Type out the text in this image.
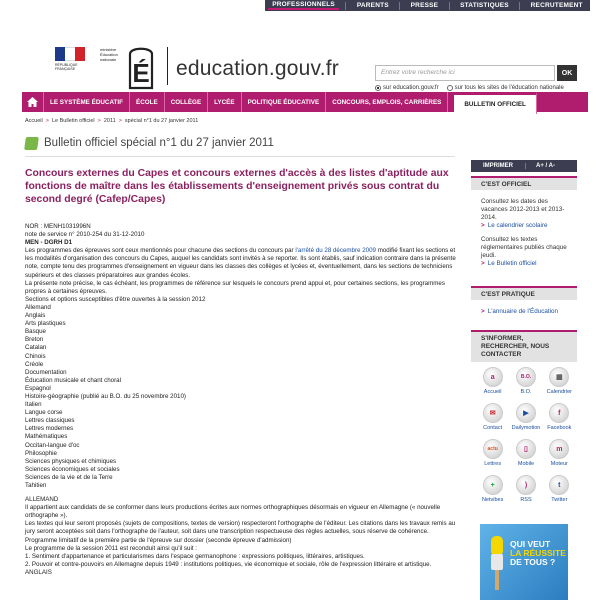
PROFESSIONNELS	PARENTS	PRESSE	STATISTIQUES	RECRUTEMENT
RÉPUBLIQUE FRANÇAISE
ministère Éducation nationale É education.gouv.fr	Entrez votre recherche ici	OK
sur education.gouv.fr	sur tous les sites de l'éducation nationale
LE SYSTÈME ÉDUCATIF	ÉCOLE	COLLÈGE	LYCÉE	POLITIQUE ÉDUCATIVE	CONCOURS, EMPLOIS, CARRIÈRES	BULLETIN OFFICIEL
Accueil > Le Bulletin officiel > 2011 > spécial n°1 du 27 janvier 2011
Bulletin officiel spécial n°1 du 27 janvier 2011
Concours externes du Capes et concours externes d'accès à des listes d'aptitude aux fonctions de maître dans les établissements d'enseignement privés sous contrat du second degré (Cafep/Capes)

NOR : MENH1031996N

note de service n° 2010-254 du 31-12-2010

MEN - DGRH D1

Les programmes des épreuves sont ceux mentionnés pour chacune des sections du concours par l'arrêté du 28 décembre 2009 modifié fixant les sections et les modalités d'organisation des concours du Capes, auquel les candidats sont invités à se reporter. Ils sont établis, sauf indication contraire dans la présente note, compte tenu des programmes d'enseignement en vigueur dans les classes des collèges et lycées et, éventuellement, dans les sections de techniciens supérieurs et des classes préparatoires aux grandes écoles.

La présente note précise, le cas échéant, les programmes de référence sur lesquels le concours prend appui et, pour certaines sections, les programmes propres à certaines épreuves.

Sections et options susceptibles d'être ouvertes à la session 2012

Allemand

Anglais

Arts plastiques

Basque

Breton

Catalan

Chinois

Créole

Documentation

Éducation musicale et chant choral

Espagnol

Histoire-géographie (publié au B.O. du 25 novembre 2010)

Italien

Langue corse

Lettres classiques

Lettres modernes

Mathématiques

Occitan-langue d'oc

Philosophie

Sciences physiques et chimiques

Sciences économiques et sociales

Sciences de la vie et de la Terre

Tahitien

ALLEMAND

Il appartient aux candidats de se conformer dans leurs productions écrites aux normes orthographiques désormais en vigueur en Allemagne (« nouvelle orthographe »).

Les textes qui leur seront proposés (sujets de compositions, textes de version) respecteront l'orthographe de l'éditeur. Les citations dans les travaux remis au jury seront acceptées soit dans l'orthographe de l'auteur, soit dans une transcription respectueuse des règles actuelles, sous réserve de cohérence.

Programme limitatif de la première partie de l'épreuve sur dossier (seconde épreuve d'admission)

Le programme de la session 2011 est reconduit ainsi qu'il suit :

1. Sentiment d'appartenance et particularismes dans l'espace germanophone : expressions politiques, littéraires, artistiques.

2. Pouvoir et contre-pouvoirs en Allemagne depuis 1949 : institutions politiques, vie économique et sociale, rôle de l'expression littéraire et artistique.

ANGLAIS

IMPRIMER	A+ / A-
C'EST OFFICIEL

Consultez les dates des vacances 2012-2013 et 2013-2014.

> Le calendrier scolaire

Consultez les textes réglementaires publiés chaque jeudi.

> Le Bulletin officiel
C'EST PRATIQUE
> L'annuaire de l'Éducation
S'INFORMER, RECHERCHER, NOUS CONTACTER
a
Accueil
B.O.
B.O.
▦
Calendrier
✉
Contact
▶
Dailymotion
f
Facebook
actu
Lettres
▯
Mobile
m
Moteur
+
Netvibes
)
RSS
t
Twitter
QUI VEUT
LA RÉUSSITE
DE TOUS ?
